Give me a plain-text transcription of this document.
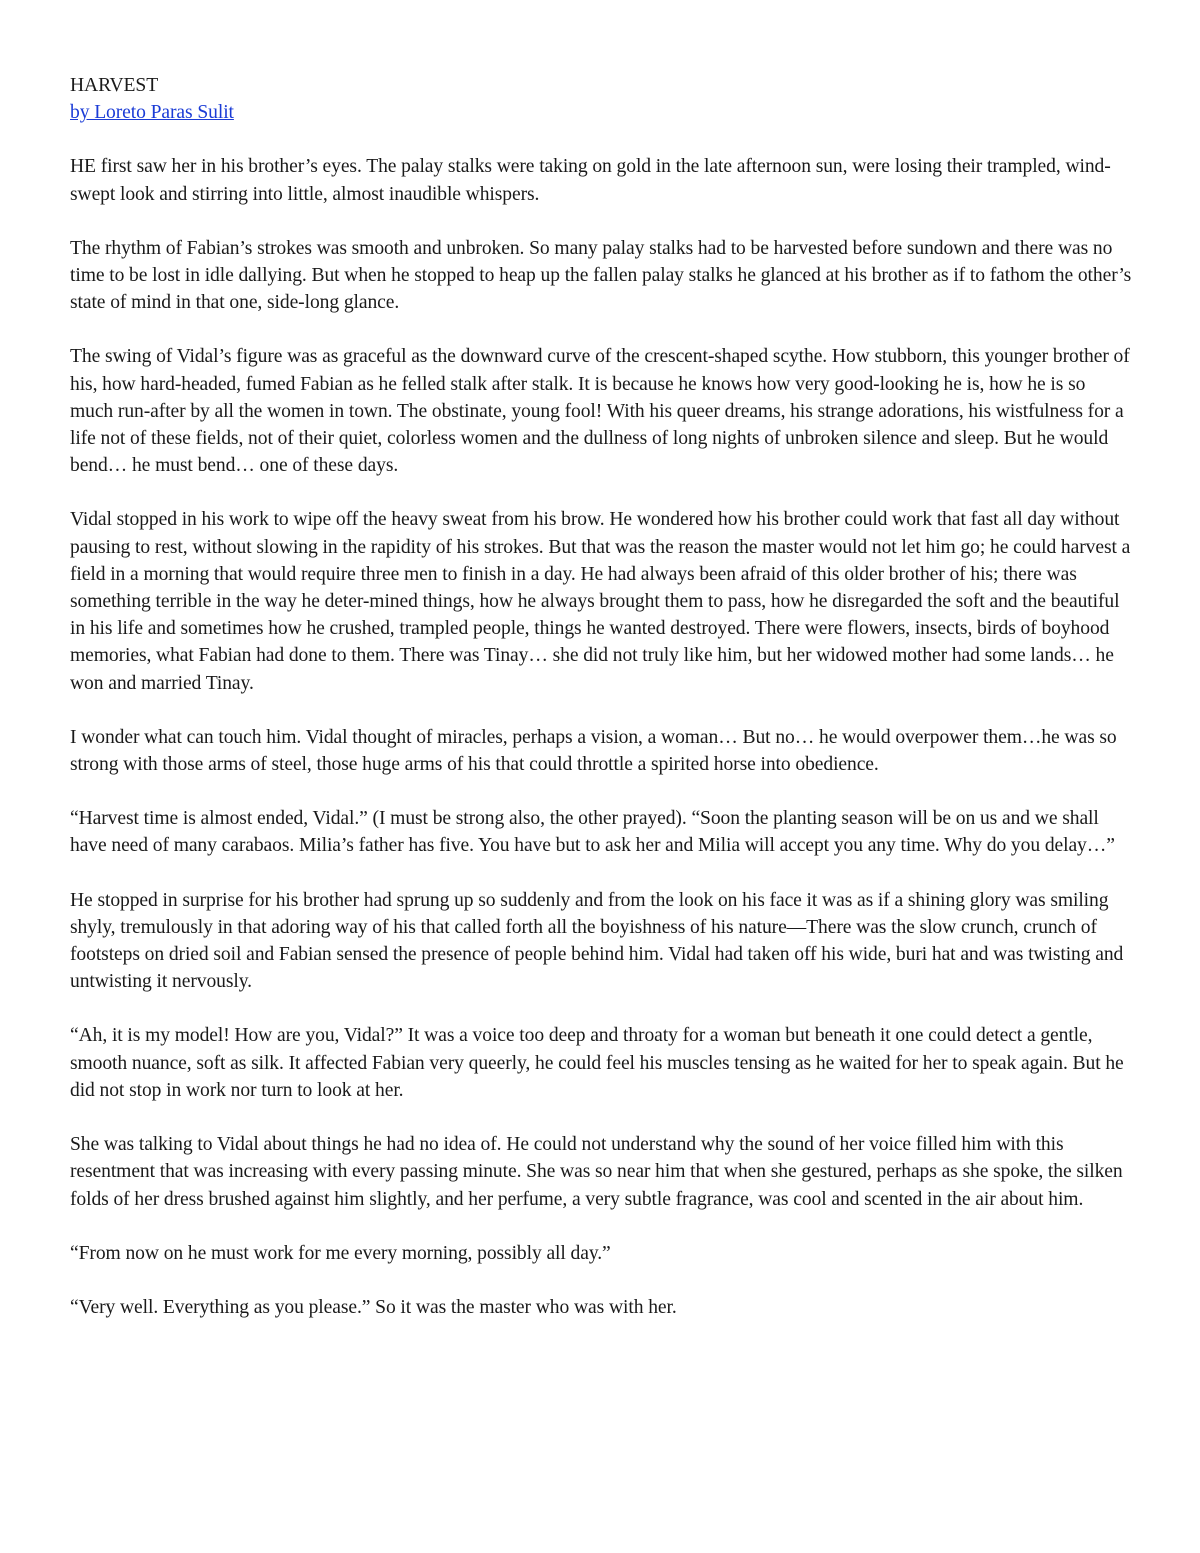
HARVEST
by Loreto Paras Sulit

HE first saw her in his brother’s eyes. The palay stalks were taking on gold in the late afternoon sun, were losing their trampled, wind-swept look and stirring into little, almost inaudible whispers.

The rhythm of Fabian’s strokes was smooth and unbroken. So many palay stalks had to be harvested before sundown and there was no time to be lost in idle dallying. But when he stopped to heap up the fallen palay stalks he glanced at his brother as if to fathom the other’s state of mind in that one, side-long glance.

The swing of Vidal’s figure was as graceful as the downward curve of the crescent-shaped scythe. How stubborn, this younger brother of his, how hard-headed, fumed Fabian as he felled stalk after stalk. It is because he knows how very good-looking he is, how he is so much run-after by all the women in town. The obstinate, young fool! With his queer dreams, his strange adorations, his wistfulness for a life not of these fields, not of their quiet, colorless women and the dullness of long nights of unbroken silence and sleep. But he would bend… he must bend… one of these days.

Vidal stopped in his work to wipe off the heavy sweat from his brow. He wondered how his brother could work that fast all day without pausing to rest, without slowing in the rapidity of his strokes. But that was the reason the master would not let him go; he could harvest a field in a morning that would require three men to finish in a day. He had always been afraid of this older brother of his; there was something terrible in the way he deter-mined things, how he always brought them to pass, how he disregarded the soft and the beautiful in his life and sometimes how he crushed, trampled people, things he wanted destroyed. There were flowers, insects, birds of boyhood memories, what Fabian had done to them. There was Tinay… she did not truly like him, but her widowed mother had some lands… he won and married Tinay.

I wonder what can touch him. Vidal thought of miracles, perhaps a vision, a woman… But no… he would overpower them…he was so strong with those arms of steel, those huge arms of his that could throttle a spirited horse into obedience.

“Harvest time is almost ended, Vidal.” (I must be strong also, the other prayed). “Soon the planting season will be on us and we shall have need of many carabaos. Milia’s father has five. You have but to ask her and Milia will accept you any time. Why do you delay…”

He stopped in surprise for his brother had sprung up so suddenly and from the look on his face it was as if a shining glory was smiling shyly, tremulously in that adoring way of his that called forth all the boyishness of his nature—There was the slow crunch, crunch of footsteps on dried soil and Fabian sensed the presence of people behind him. Vidal had taken off his wide, buri hat and was twisting and untwisting it nervously.

“Ah, it is my model! How are you, Vidal?” It was a voice too deep and throaty for a woman but beneath it one could detect a gentle, smooth nuance, soft as silk. It affected Fabian very queerly, he could feel his muscles tensing as he waited for her to speak again. But he did not stop in work nor turn to look at her.

She was talking to Vidal about things he had no idea of. He could not understand why the sound of her voice filled him with this resentment that was increasing with every passing minute. She was so near him that when she gestured, perhaps as she spoke, the silken folds of her dress brushed against him slightly, and her perfume, a very subtle fragrance, was cool and scented in the air about him.

“From now on he must work for me every morning, possibly all day.”

“Very well. Everything as you please.” So it was the master who was with her.
